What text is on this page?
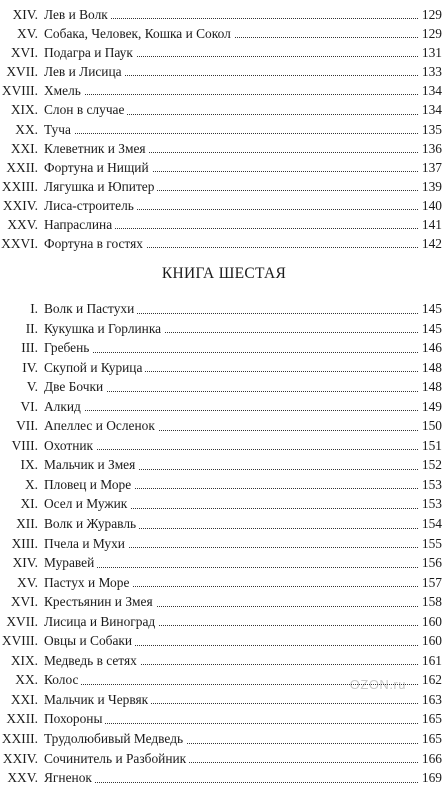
XIV. Лев и Волк	129
XV. Собака, Человек, Кошка и Сокол	129
XVI. Подагра и Паук	131
XVII. Лев и Лисица	133
XVIII. Хмель	134
XIX. Слон в случае	134
XX. Туча	135
XXI. Клеветник и Змея	136
XXII. Фортуна и Нищий	137
XXIII. Лягушка и Юпитер	139
XXIV. Лиса-строитель	140
XXV. Напраслина	141
XXVI. Фортуна в гостях	142
КНИГА ШЕСТАЯ
I. Волк и Пастухи	145
II. Кукушка и Горлинка	145
III. Гребень	146
IV. Скупой и Курица	148
V. Две Бочки	148
VI. Алкид	149
VII. Апеллес и Осленок	150
VIII. Охотник	151
IX. Мальчик и Змея	152
X. Пловец и Море	153
XI. Осел и Мужик	153
XII. Волк и Журавль	154
XIII. Пчела и Мухи	155
XIV. Муравей	156
XV. Пастух и Море	157
XVI. Крестьянин и Змея	158
XVII. Лисица и Виноград	160
XVIII. Овцы и Собаки	160
XIX. Медведь в сетях	161
XX. Колос	162
XXI. Мальчик и Червяк	163
XXII. Похороны	165
XXIII. Трудолюбивый Медведь	165
XXIV. Сочинитель и Разбойник	166
XXV. Ягненок	169
OZON.ru
